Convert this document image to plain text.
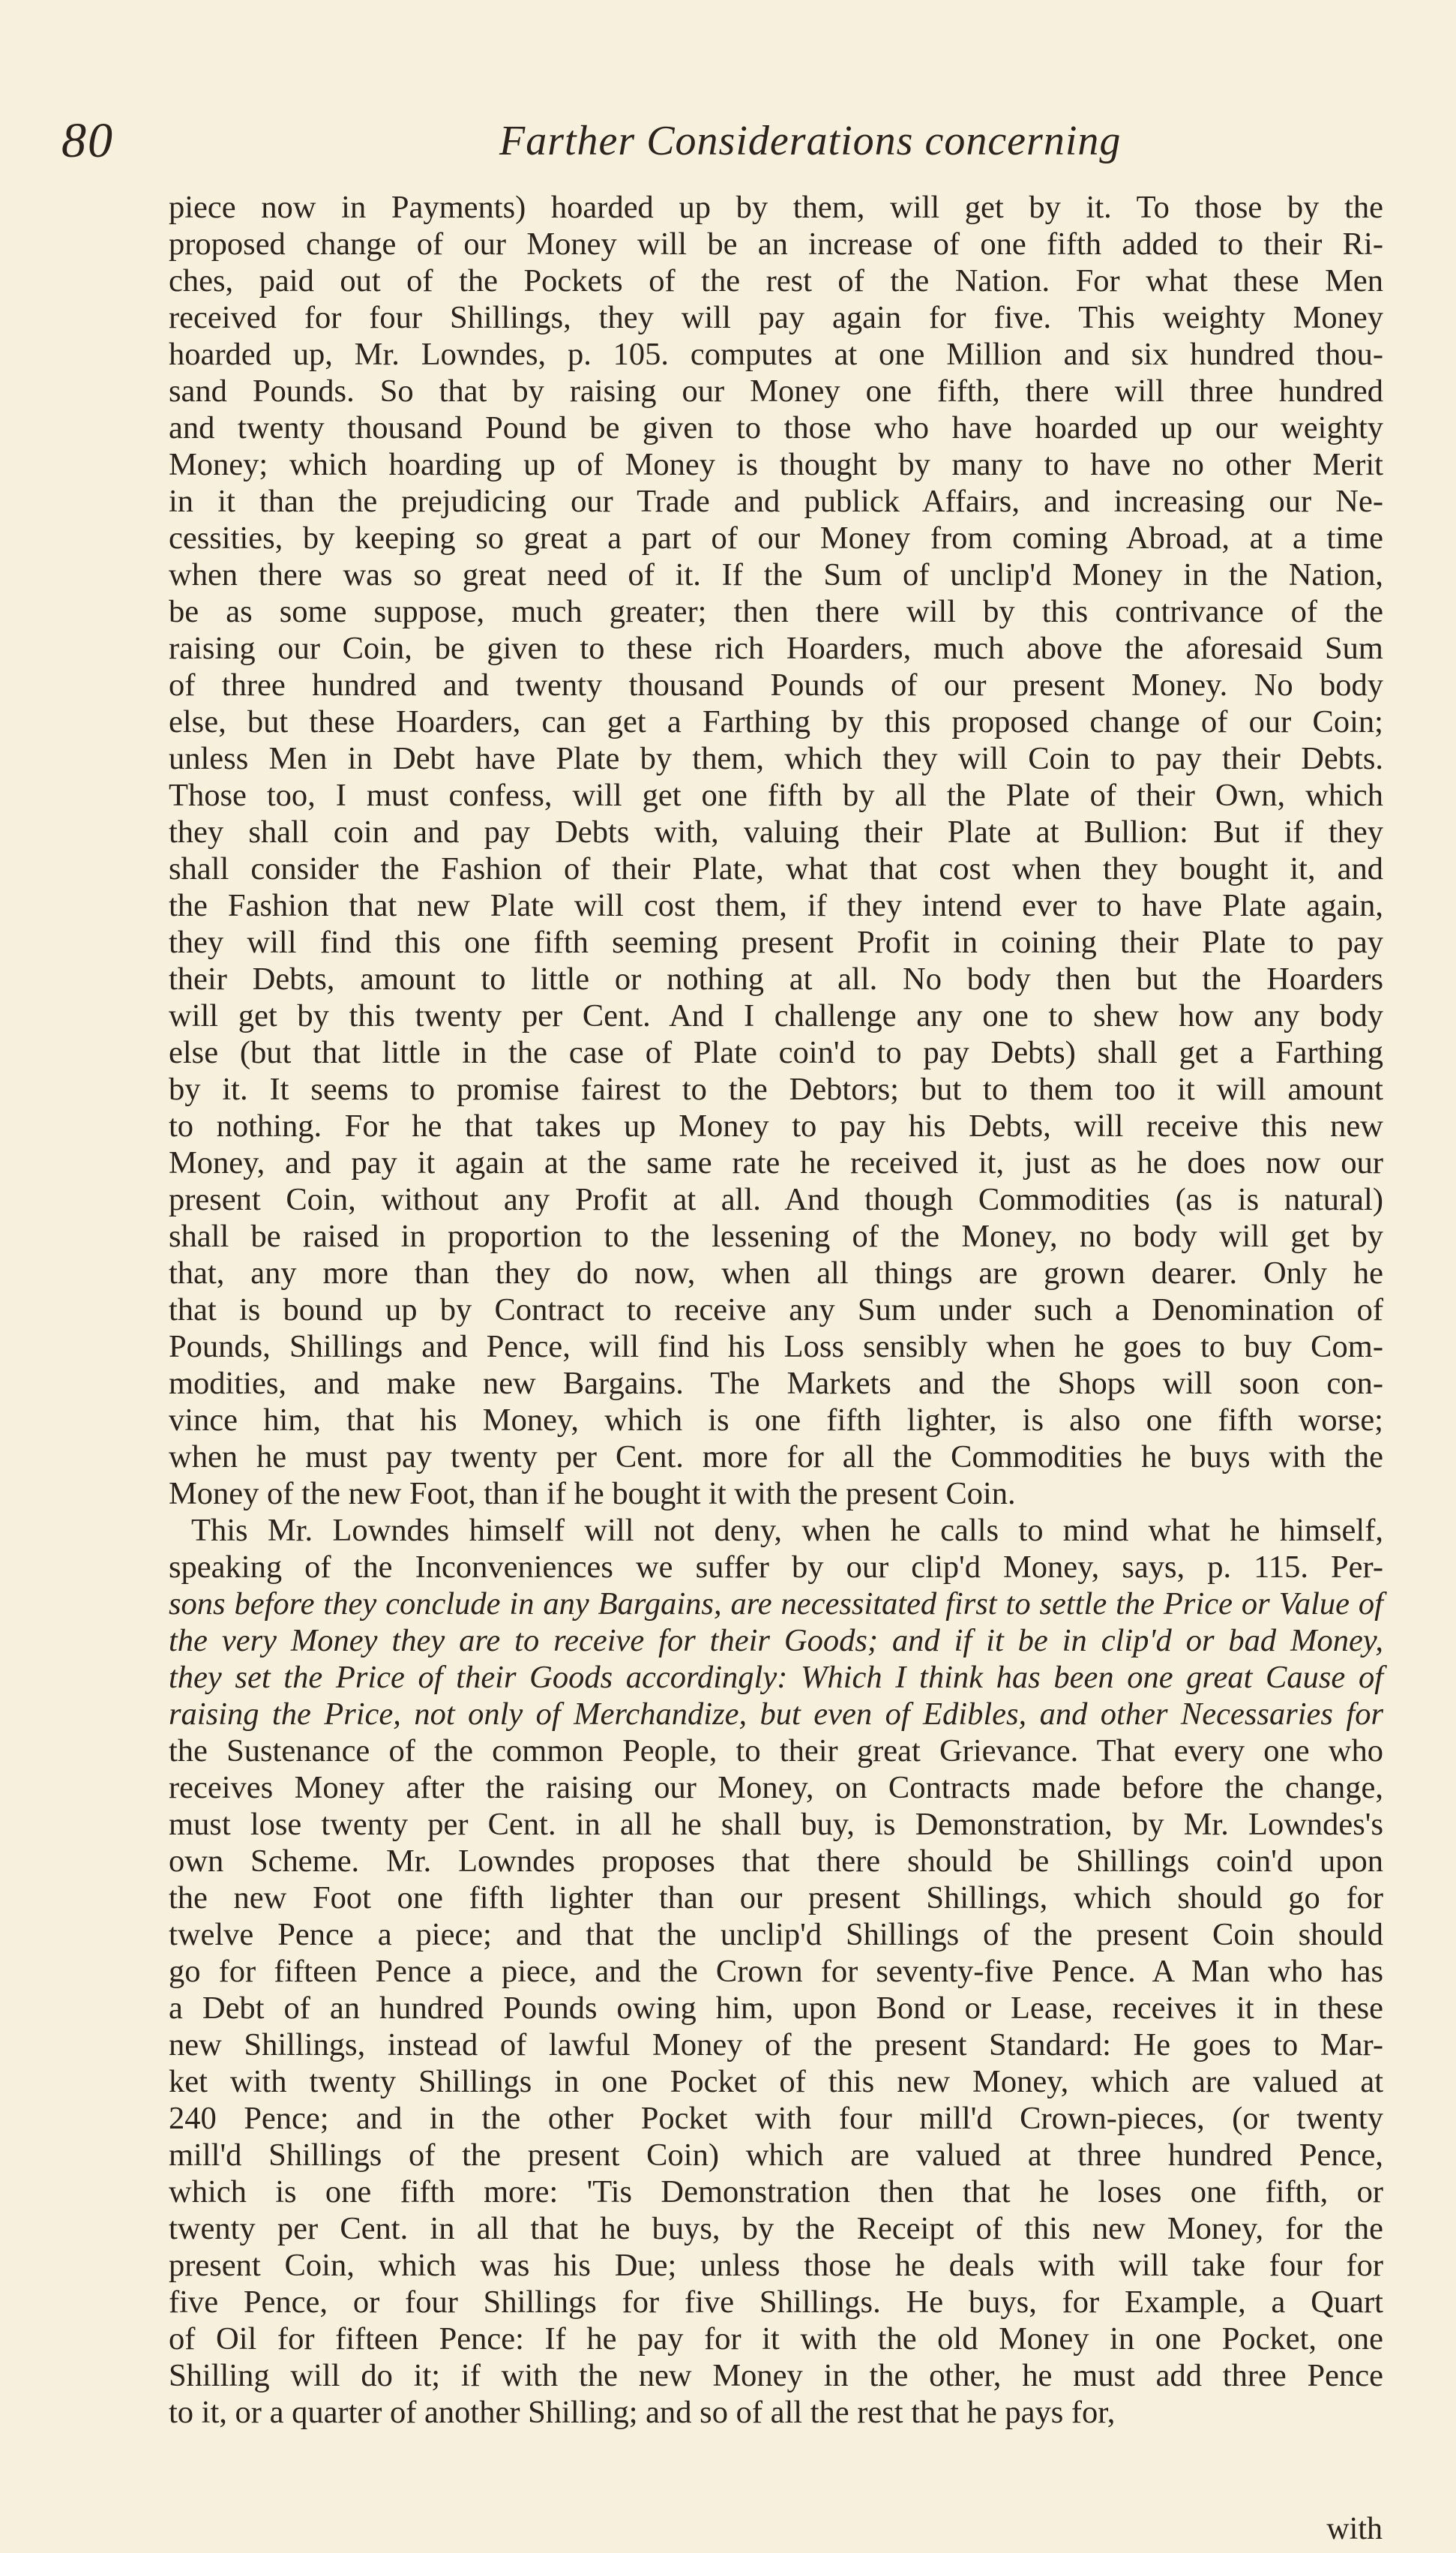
80	Farther Considerations concerning
piece now in Payments) hoarded up by them, will get by it. To those by the
proposed change of our Money will be an increase of one fifth added to their Ri-
ches, paid out of the Pockets of the rest of the Nation. For what these Men
received for four Shillings, they will pay again for five. This weighty Money
hoarded up, Mr. Lowndes, p. 105. computes at one Million and six hundred thou-
sand Pounds. So that by raising our Money one fifth, there will three hundred
and twenty thousand Pound be given to those who have hoarded up our weighty
Money; which hoarding up of Money is thought by many to have no other Merit
in it than the prejudicing our Trade and publick Affairs, and increasing our Ne-
cessities, by keeping so great a part of our Money from coming Abroad, at a time
when there was so great need of it. If the Sum of unclip'd Money in the Nation,
be as some suppose, much greater; then there will by this contrivance of the
raising our Coin, be given to these rich Hoarders, much above the aforesaid Sum
of three hundred and twenty thousand Pounds of our present Money. No body
else, but these Hoarders, can get a Farthing by this proposed change of our Coin;
unless Men in Debt have Plate by them, which they will Coin to pay their Debts.
Those too, I must confess, will get one fifth by all the Plate of their Own, which
they shall coin and pay Debts with, valuing their Plate at Bullion: But if they
shall consider the Fashion of their Plate, what that cost when they bought it, and
the Fashion that new Plate will cost them, if they intend ever to have Plate again,
they will find this one fifth seeming present Profit in coining their Plate to pay
their Debts, amount to little or nothing at all. No body then but the Hoarders
will get by this twenty per Cent. And I challenge any one to shew how any body
else (but that little in the case of Plate coin'd to pay Debts) shall get a Farthing
by it. It seems to promise fairest to the Debtors; but to them too it will amount
to nothing. For he that takes up Money to pay his Debts, will receive this new
Money, and pay it again at the same rate he received it, just as he does now our
present Coin, without any Profit at all. And though Commodities (as is natural)
shall be raised in proportion to the lessening of the Money, no body will get by
that, any more than they do now, when all things are grown dearer. Only he
that is bound up by Contract to receive any Sum under such a Denomination of
Pounds, Shillings and Pence, will find his Loss sensibly when he goes to buy Com-
modities, and make new Bargains. The Markets and the Shops will soon con-
vince him, that his Money, which is one fifth lighter, is also one fifth worse;
when he must pay twenty per Cent. more for all the Commodities he buys with the
Money of the new Foot, than if he bought it with the present Coin.
This Mr. Lowndes himself will not deny, when he calls to mind what he himself,
speaking of the Inconveniences we suffer by our clip'd Money, says, p. 115. Per-
sons before they conclude in any Bargains, are necessitated first to settle the Price or Value of
the very Money they are to receive for their Goods; and if it be in clip'd or bad Money,
they set the Price of their Goods accordingly: Which I think has been one great Cause of
raising the Price, not only of Merchandize, but even of Edibles, and other Necessaries for
the Sustenance of the common People, to their great Grievance. That every one who
receives Money after the raising our Money, on Contracts made before the change,
must lose twenty per Cent. in all he shall buy, is Demonstration, by Mr. Lowndes's
own Scheme. Mr. Lowndes proposes that there should be Shillings coin'd upon
the new Foot one fifth lighter than our present Shillings, which should go for
twelve Pence a piece; and that the unclip'd Shillings of the present Coin should
go for fifteen Pence a piece, and the Crown for seventy-five Pence. A Man who has
a Debt of an hundred Pounds owing him, upon Bond or Lease, receives it in these
new Shillings, instead of lawful Money of the present Standard: He goes to Mar-
ket with twenty Shillings in one Pocket of this new Money, which are valued at
240 Pence; and in the other Pocket with four mill'd Crown-pieces, (or twenty
mill'd Shillings of the present Coin) which are valued at three hundred Pence,
which is one fifth more: 'Tis Demonstration then that he loses one fifth, or
twenty per Cent. in all that he buys, by the Receipt of this new Money, for the
present Coin, which was his Due; unless those he deals with will take four for
five Pence, or four Shillings for five Shillings. He buys, for Example, a Quart
of Oil for fifteen Pence: If he pay for it with the old Money in one Pocket, one
Shilling will do it; if with the new Money in the other, he must add three Pence
to it, or a quarter of another Shilling; and so of all the rest that he pays for,
with
